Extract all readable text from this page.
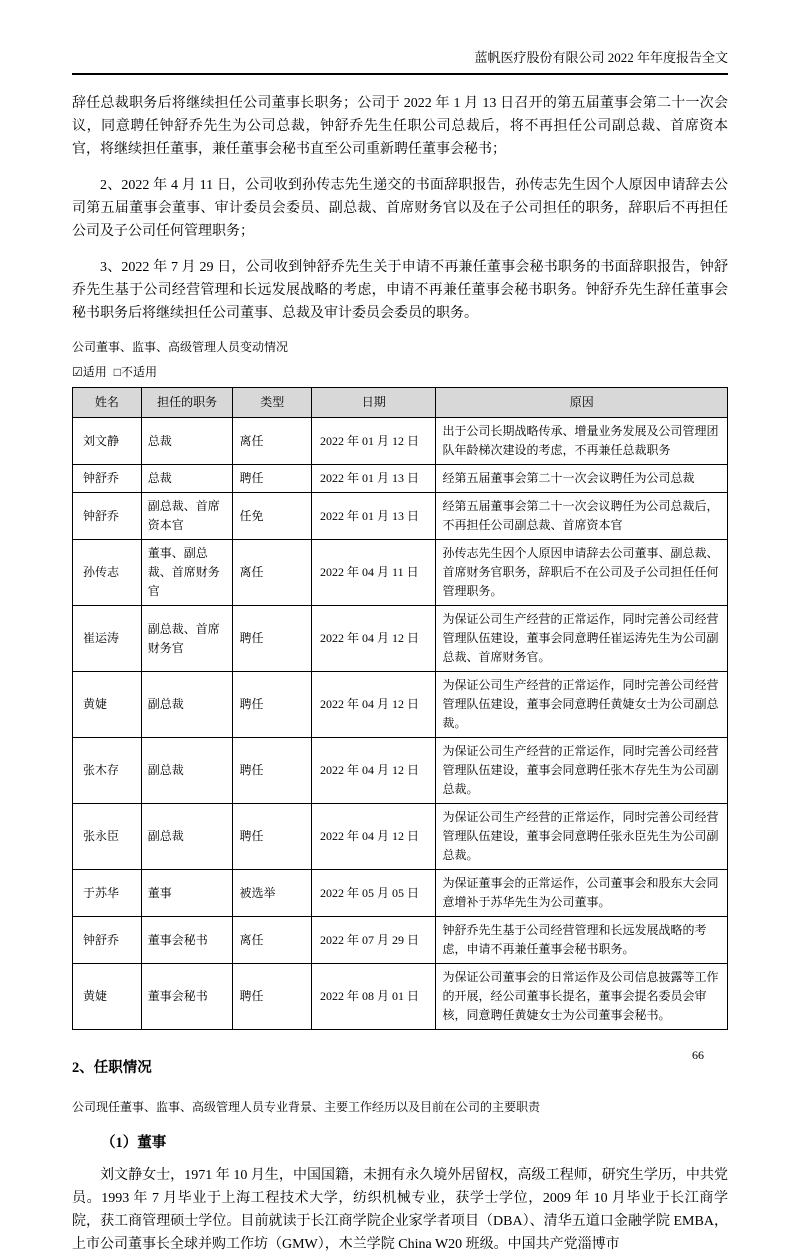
蓝帆医疗股份有限公司 2022 年年度报告全文

辞任总裁职务后将继续担任公司董事长职务；公司于 2022 年 1 月 13 日召开的第五届董事会第二十一次会议，同意聘任钟舒乔先生为公司总裁，钟舒乔先生任职公司总裁后，将不再担任公司副总裁、首席资本官，将继续担任董事，兼任董事会秘书直至公司重新聘任董事会秘书；

2、2022 年 4 月 11 日，公司收到孙传志先生递交的书面辞职报告，孙传志先生因个人原因申请辞去公司第五届董事会董事、审计委员会委员、副总裁、首席财务官以及在子公司担任的职务，辞职后不再担任公司及子公司任何管理职务；

3、2022 年 7 月 29 日，公司收到钟舒乔先生关于申请不再兼任董事会秘书职务的书面辞职报告，钟舒乔先生基于公司经营管理和长远发展战略的考虑，申请不再兼任董事会秘书职务。钟舒乔先生辞任董事会秘书职务后将继续担任公司董事、总裁及审计委员会委员的职务。

公司董事、监事、高级管理人员变动情况
☑适用 □不适用
姓名	担任的职务	类型	日期	原因
刘文静	总裁	离任	2022 年 01 月 12 日	出于公司长期战略传承、增量业务发展及公司管理团队年龄梯次建设的考虑，不再兼任总裁职务
钟舒乔	总裁	聘任	2022 年 01 月 13 日	经第五届董事会第二十一次会议聘任为公司总裁
钟舒乔	副总裁、首席资本官	任免	2022 年 01 月 13 日	经第五届董事会第二十一次会议聘任为公司总裁后，不再担任公司副总裁、首席资本官
孙传志	董事、副总裁、首席财务官	离任	2022 年 04 月 11 日	孙传志先生因个人原因申请辞去公司董事、副总裁、首席财务官职务，辞职后不在公司及子公司担任任何管理职务。
崔运涛	副总裁、首席财务官	聘任	2022 年 04 月 12 日	为保证公司生产经营的正常运作，同时完善公司经营管理队伍建设，董事会同意聘任崔运涛先生为公司副总裁、首席财务官。
黄婕	副总裁	聘任	2022 年 04 月 12 日	为保证公司生产经营的正常运作，同时完善公司经营管理队伍建设，董事会同意聘任黄婕女士为公司副总裁。
张木存	副总裁	聘任	2022 年 04 月 12 日	为保证公司生产经营的正常运作，同时完善公司经营管理队伍建设，董事会同意聘任张木存先生为公司副总裁。
张永臣	副总裁	聘任	2022 年 04 月 12 日	为保证公司生产经营的正常运作，同时完善公司经营管理队伍建设，董事会同意聘任张永臣先生为公司副总裁。
于苏华	董事	被选举	2022 年 05 月 05 日	为保证董事会的正常运作，公司董事会和股东大会同意增补于苏华先生为公司董事。
钟舒乔	董事会秘书	离任	2022 年 07 月 29 日	钟舒乔先生基于公司经营管理和长远发展战略的考虑，申请不再兼任董事会秘书职务。
黄婕	董事会秘书	聘任	2022 年 08 月 01 日	为保证公司董事会的日常运作及公司信息披露等工作的开展，经公司董事长提名，董事会提名委员会审核，同意聘任黄婕女士为公司董事会秘书。
2、任职情况
公司现任董事、监事、高级管理人员专业背景、主要工作经历以及目前在公司的主要职责
（1）董事

刘文静女士，1971 年 10 月生，中国国籍，未拥有永久境外居留权，高级工程师，研究生学历，中共党员。1993 年 7 月毕业于上海工程技术大学，纺织机械专业，获学士学位，2009 年 10 月毕业于长江商学院，获工商管理硕士学位。目前就读于长江商学院企业家学者项目（DBA）、清华五道口金融学院 EMBA，上市公司董事长全球并购工作坊（GMW），木兰学院 China W20 班级。中国共产党淄博市

66
